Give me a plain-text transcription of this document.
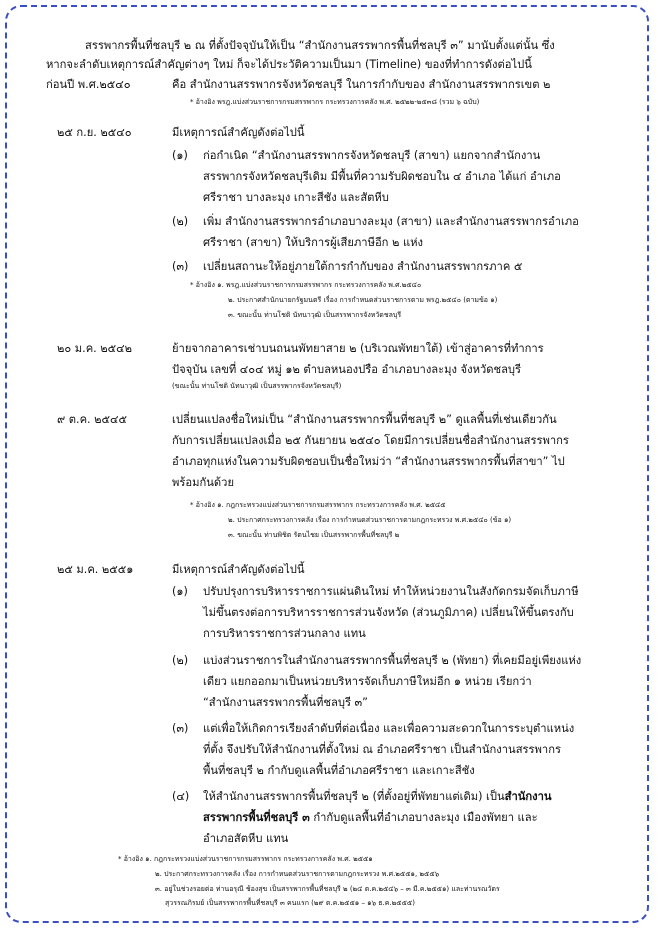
สรรพากรพื้นที่ชลบุรี ๒ ณ ที่ตั้งปัจจุบันให้เป็น “สำนักงานสรรพากรพื้นที่ชลบุรี ๓” มานับตั้งแต่นั้น ซึ่ง
หากจะลำดับเหตุการณ์สำคัญต่างๆ ใหม่ ก็จะได้ประวัติความเป็นมา (Timeline) ของที่ทำการดังต่อไปนี้
ก่อนปี พ.ศ.๒๕๔๐	คือ สำนักงานสรรพากรจังหวัดชลบุรี ในการกำกับของ สำนักงานสรรพากรเขต ๒
* อ้างอิง พรฎ.แบ่งส่วนราชการกรมสรรพากร กระทรวงการคลัง พ.ศ. ๒๕๒๒-๒๕๓๘ (รวม ๖ ฉบับ)
๒๕ ก.ย. ๒๕๔๐	มีเหตุการณ์สำคัญดังต่อไปนี้
(๑) ก่อกำเนิด “สำนักงานสรรพากรจังหวัดชลบุรี (สาขา) แยกจากสำนักงาน
สรรพากรจังหวัดชลบุรีเดิม มีพื้นที่ความรับผิดชอบใน ๔ อำเภอ ได้แก่ อำเภอ
ศรีราชา บางละมุง เกาะสีชัง และสัตหีบ
(๒) เพิ่ม สำนักงานสรรพากรอำเภอบางละมุง (สาขา) และสำนักงานสรรพากรอำเภอ
ศรีราชา (สาขา) ให้บริการผู้เสียภาษีอีก ๒ แห่ง
(๓) เปลี่ยนสถานะให้อยู่ภายใต้การกำกับของ สำนักงานสรรพากรภาค ๕
* อ้างอิง ๑. พรฎ.แบ่งส่วนราชการกรมสรรพากร กระทรวงการคลัง พ.ศ.๒๕๔๐
๒. ประกาศสำนักนายกรัฐมนตรี เรื่อง การกำหนดส่วนราชการตาม พรฎ.๒๕๔๐ (ตามข้อ ๑)
๓. ขณะนั้น ท่านโชติ นัทนาวุฒิ เป็นสรรพากรจังหวัดชลบุรี
๒๐ ม.ค. ๒๕๔๒	ย้ายจากอาคารเช่าบนถนนพัทยาสาย ๒ (บริเวณพัทยาใต้) เข้าสู่อาคารที่ทำการ
ปัจจุบัน เลขที่ ๔๐๔ หมู่ ๑๒ ตำบลหนองปรือ อำเภอบางละมุง จังหวัดชลบุรี
(ขณะนั้น ท่านโชติ นัทนาวุฒิ เป็นสรรพากรจังหวัดชลบุรี)
๙ ต.ค. ๒๕๔๕	เปลี่ยนแปลงชื่อใหม่เป็น “สำนักงานสรรพากรพื้นที่ชลบุรี ๒” ดูแลพื้นที่เช่นเดียวกัน
กับการเปลี่ยนแปลงเมื่อ ๒๕ กันยายน ๒๕๔๐ โดยมีการเปลี่ยนชื่อสำนักงานสรรพากร
อำเภอทุกแห่งในความรับผิดชอบเป็นชื่อใหม่ว่า “สำนักงานสรรพากรพื้นที่สาขา” ไป
พร้อมกันด้วย
* อ้างอิง ๑. กฎกระทรวงแบ่งส่วนราชการกรมสรรพากร กระทรวงการคลัง พ.ศ. ๒๕๔๕
๒. ประกาศกระทรวงการคลัง เรื่อง การกำหนดส่วนราชการตามกฎกระทรวง พ.ศ.๒๕๔๐ (ข้อ ๑)
๓. ขณะนั้น ท่านพิชิต รัตนไชย เป็นสรรพากรพื้นที่ชลบุรี ๒
๒๕ ม.ค. ๒๕๕๑	มีเหตุการณ์สำคัญดังต่อไปนี้
(๑) ปรับปรุงการบริหารราชการแผ่นดินใหม่ ทำให้หน่วยงานในสังกัดกรมจัดเก็บภาษี
ไม่ขึ้นตรงต่อการบริหารราชการส่วนจังหวัด (ส่วนภูมิภาค) เปลี่ยนให้ขึ้นตรงกับ
การบริหารราชการส่วนกลาง แทน
(๒) แบ่งส่วนราชการในสำนักงานสรรพากรพื้นที่ชลบุรี ๒ (พัทยา) ที่เคยมีอยู่เพียงแห่ง
เดียว แยกออกมาเป็นหน่วยบริหารจัดเก็บภาษีใหม่อีก ๑ หน่วย เรียกว่า
“สำนักงานสรรพากรพื้นที่ชลบุรี ๓”
(๓) แต่เพื่อให้เกิดการเรียงลำดับที่ต่อเนื่อง และเพื่อความสะดวกในการระบุตำแหน่ง
ที่ตั้ง จึงปรับให้สำนักงานที่ตั้งใหม่ ณ อำเภอศรีราชา เป็นสำนักงานสรรพากร
พื้นที่ชลบุรี ๒ กำกับดูแลพื้นที่อำเภอศรีราชา และเกาะสีชัง
(๔) ให้สำนักงานสรรพากรพื้นที่ชลบุรี ๒ (ที่ตั้งอยู่ที่พัทยาแต่เดิม) เป็นสำนักงาน
สรรพากรพื้นที่ชลบุรี ๓ กำกับดูแลพื้นที่อำเภอบางละมุง เมืองพัทยา และ
อำเภอสัตหีบ แทน
* อ้างอิง ๑. กฎกระทรวงแบ่งส่วนราชการกรมสรรพากร กระทรวงการคลัง พ.ศ. ๒๕๕๑
๒. ประกาศกระทรวงการคลัง เรื่อง การกำหนดส่วนราชการตามกฎกระทรวง พ.ศ.๒๕๕๑, ๒๕๕๖
๓. อยู่ในช่วงรอยต่อ ท่านอรุณี ช้องสุข เป็นสรรพากรพื้นที่ชลบุรี ๒ (๒๔ ต.ค.๒๕๔๖ – ๓ มี.ค.๒๕๕๑) และท่านรณวัตร
สุวรรณภิรมย์ เป็นสรรพากรพื้นที่ชลบุรี ๓ คนแรก (๒๙ ต.ค.๒๕๕๑ – ๑๖ ธ.ค.๒๕๕๕)
